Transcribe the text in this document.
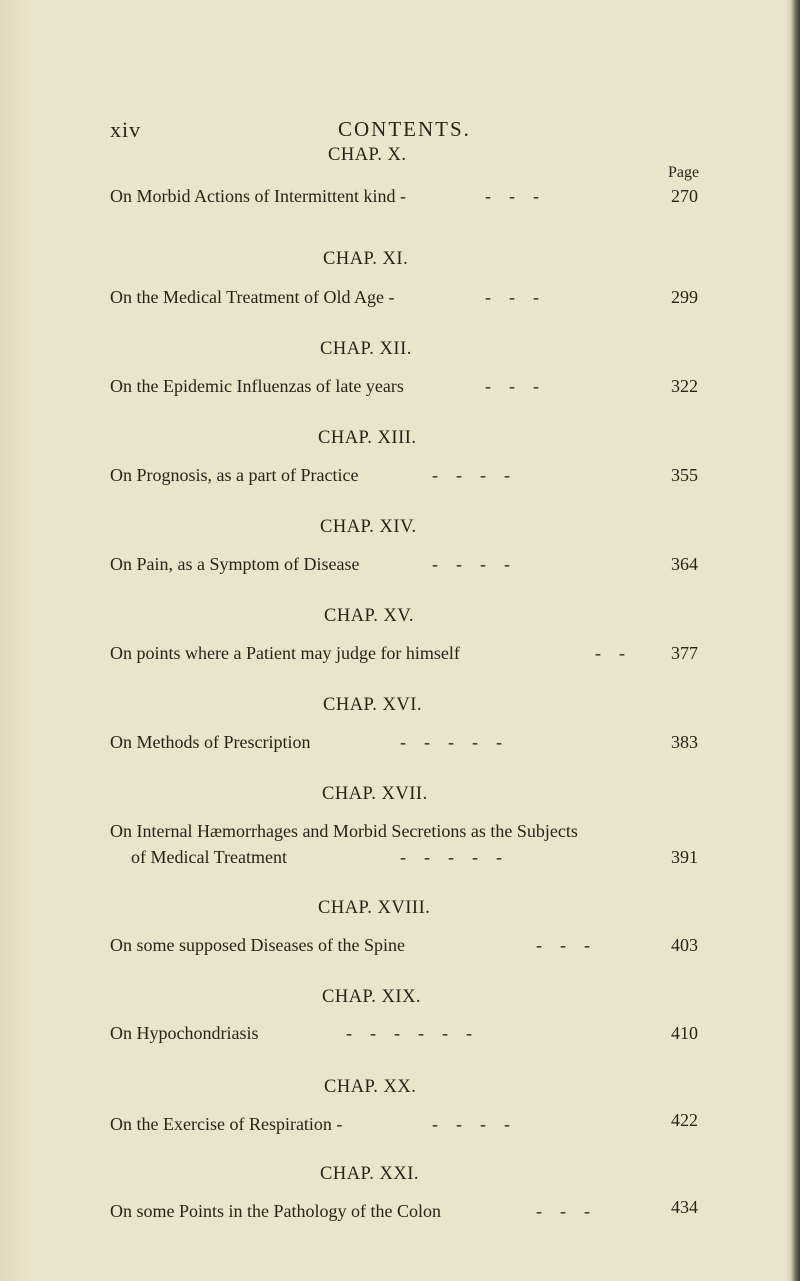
xiv	CONTENTS.
Page
CHAP. X.
On Morbid Actions of Intermittent kind -	-    -    -	270
CHAP. XI.
On the Medical Treatment of Old Age -	-    -    -	299
CHAP. XII.
On the Epidemic Influenzas of late years	-    -    -	322
CHAP. XIII.
On Prognosis, as a part of Practice	-    -    -    -	355
CHAP. XIV.
On Pain, as a Symptom of Disease	-    -    -    -	364
CHAP. XV.
On points where a Patient may judge for himself	-    -	377
CHAP. XVI.
On Methods of Prescription	-    -    -    -    -	383
CHAP. XVII.
On Internal Hæmorrhages and Morbid Secretions as the Subjects
of Medical Treatment	-    -    -    -    -	391
CHAP. XVIII.
On some supposed Diseases of the Spine	-    -    -	403
CHAP. XIX.
On Hypochondriasis	-    -    -    -    -    -	410
CHAP. XX.
On the Exercise of Respiration -	-    -    -    -	422
CHAP. XXI.
On some Points in the Pathology of the Colon	-    -    -	434
